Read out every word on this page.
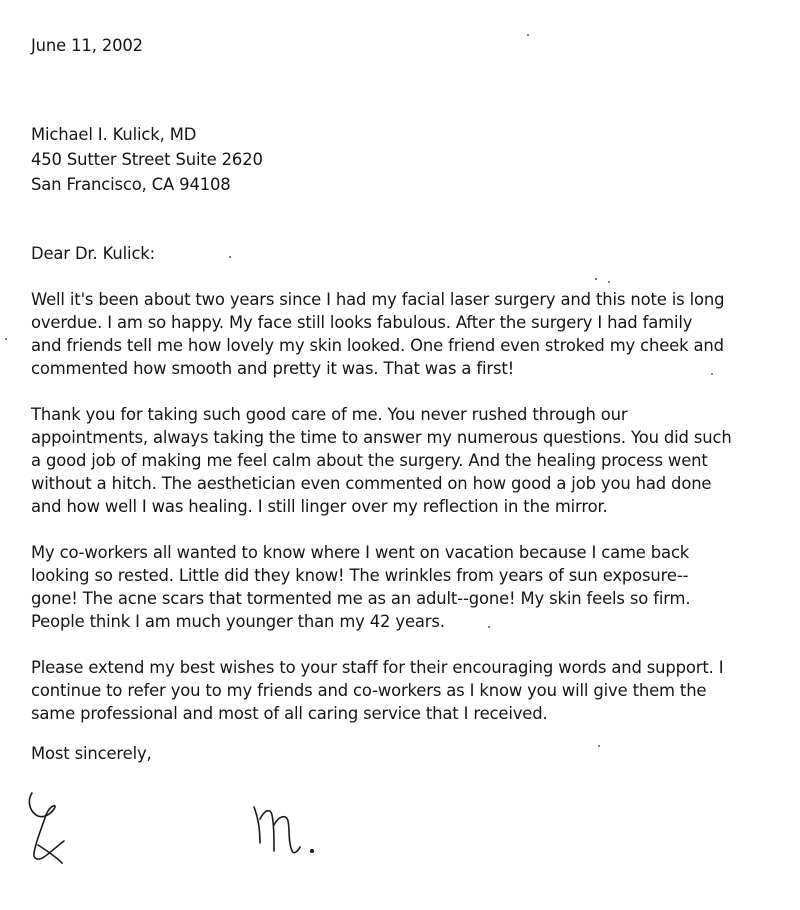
June 11, 2002

Michael I. Kulick, MD

450 Sutter Street Suite 2620

San Francisco, CA 94108

Dear Dr. Kulick:

Well it's been about two years since I had my facial laser surgery and this note is long

overdue. I am so happy. My face still looks fabulous. After the surgery I had family

and friends tell me how lovely my skin looked. One friend even stroked my cheek and

commented how smooth and pretty it was. That was a first!

Thank you for taking such good care of me. You never rushed through our

appointments, always taking the time to answer my numerous questions. You did such

a good job of making me feel calm about the surgery. And the healing process went

without a hitch. The aesthetician even commented on how good a job you had done

and how well I was healing. I still linger over my reflection in the mirror.

My co-workers all wanted to know where I went on vacation because I came back

looking so rested. Little did they know! The wrinkles from years of sun exposure--

gone! The acne scars that tormented me as an adult--gone! My skin feels so firm.

People think I am much younger than my 42 years.

Please extend my best wishes to your staff for their encouraging words and support. I

continue to refer you to my friends and co-workers as I know you will give them the

same professional and most of all caring service that I received.

Most sincerely,
